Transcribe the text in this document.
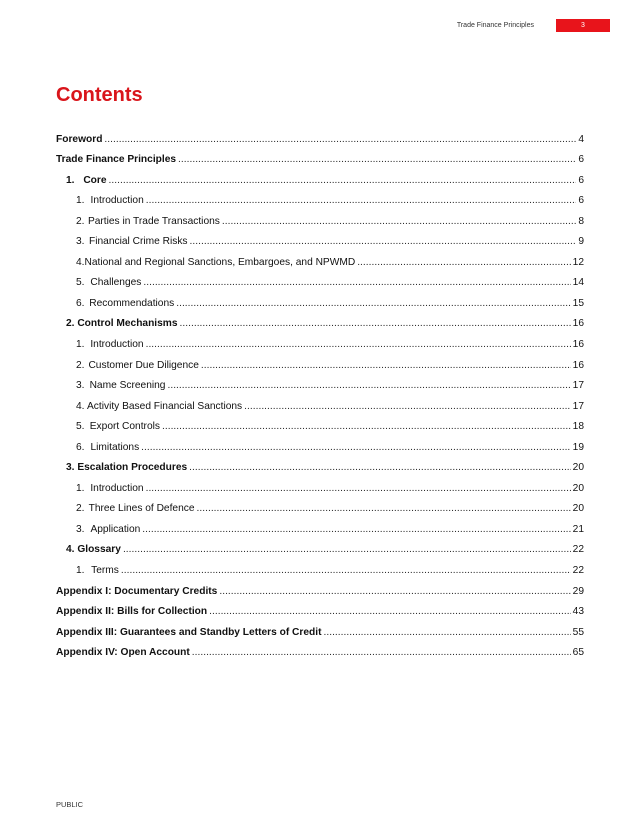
Trade Finance Principles	3
Contents
Foreword . . .	4
Trade Finance Principles . . .	6
1. Core . . .	6
1. Introduction . . .	6
2. Parties in Trade Transactions . . .	8
3. Financial Crime Risks . . .	9
4. National and Regional Sanctions, Embargoes, and NPWMD . . .	12
5. Challenges . . .	14
6. Recommendations . . .	15
2. Control Mechanisms . . .	16
1. Introduction . . .	16
2. Customer Due Diligence . . .	16
3. Name Screening . . .	17
4. Activity Based Financial Sanctions . . .	17
5. Export Controls . . .	18
6. Limitations . . .	19
3. Escalation Procedures . . .	20
1. Introduction . . .	20
2. Three Lines of Defence . . .	20
3. Application . . .	21
4. Glossary . . .	22
1. Terms . . .	22
Appendix I: Documentary Credits . . .	29
Appendix II: Bills for Collection . . .	43
Appendix III: Guarantees and Standby Letters of Credit . . .	55
Appendix IV: Open Account . . .	65
PUBLIC
